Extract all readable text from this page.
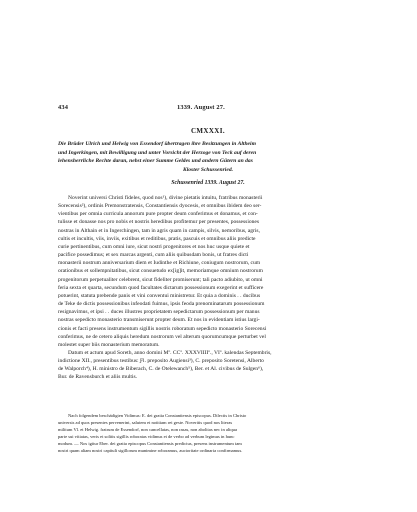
434	1339. August 27.
CMXXXI.
Die Brüder Ulrich und Helwig von Essendorf übertragen ihre Besitzungen in Altheim
und Ingerkingen, mit Bewilligung und unter Vorsicht der Herzoge von Teck auf deren
lehensherrliche Rechte daran, nebst einer Summe Geldes und andern Gütern an das
Kloster Schussenried.
Schussenried 1339. August 27.
Noverint universi Christi fideles, quod nos¹), divine pietatis intuitu, fratribus monasterii
Sorecensis²), ordinis Premonstratensis, Constantiensis dyocesis, et omnibus ibidem deo ser-
vientibus per omnia curricula annorum pure propter deum conferimus et donamus, et con-
tulisse et donasse nos pro nobis et nostris heredibus profitemur per presentes, possessiones
nostras in Althain et in Ingerchingen, tam in agris quam in campis, silvis, nemoribus, agris,
cultis et incultis, viis, inviis, exitibus et reditibus, pratis, pascuis et omnibus aliis predicte
curie pertinentibus, cum omni iure, sicut nostri progenitores et nos huc usque quiete et
pacifice possedimus; et sex marcas argenti, cum aliis quibusdam bonis, ut fratres dicti
monasterii nostrum anniversarium diem et Iudinthe et Richiune, coniugum nostrorum, cum
orationibus et sollempnitatibus, sicut consuetudo ex[ig]it, memoriamque omnium nostrorum
progenitorum perpetualiter celebrent, sicut fideliter promiserunt; tali pacto adiubito, ut omni
feria sexta et quarta, secundum quod facultates dictarum possessionum exegerint et sufficere
potuerint, statuta prebende panis et vini conventui ministretur. Et quia a dominis . . ducibus
de Teke de dictis possessionibus infeodati fuimus, ipsis feoda prenominatarum possessionum
resignavimus, et ipsi . . duces illustres proprietatem sepedictarum possessionum per manus
nostras sepedicto monasterio transmiserunt propter deum. Et nos in evidentiam istius largi-
cionis et facti presens instrumentum sigillis nostris roboratum sepedicto monasterio Sorecensi
conferimus, ne de cetero aliquis heredum nostrorum vel alterum quorumcumque perturbet vel
molestet super biis monasterium memoratum.
Datum et actum apud Soreth, anno domini Mº. CCº. XXXVIIIIº., VIº. kalendas Septembris,
indictione XII., presentibus testibus: Ƒl. preposito Augiensi³), C. preposito Soretensi, Alberto
de Walporch⁴), H. ministro de Biberach, C. de Otelewanch⁵), Ber. et Al. civibus de Sulgen⁶),
Bur. de Ravensburch et aliis multis.
Nach folgendem beschädigten Vidimus: E. dei gratia Constantiensis episcopus. Dilectis in Christo
universis ad quos presentes pervenerint, salutem et notitiam rei geste. Noveritis quod nos literas
militum Vl. et Helwig. fratrum de Essendorf, non cancellatas, non rasas, non abolitas nec in aliqua
parte sui vitiatas, veris et solitis sigillis roboratas vidimus et de verbo ad verbum legimus in hunc
modum. — Nos igitur Eber. dei gratia episcopus Constantiensis predictus, presens instrumentum tam
nostri quam aliam nostri capituli sigillorum munimine roboramus, auctoritate ordinaria confirmamus.
